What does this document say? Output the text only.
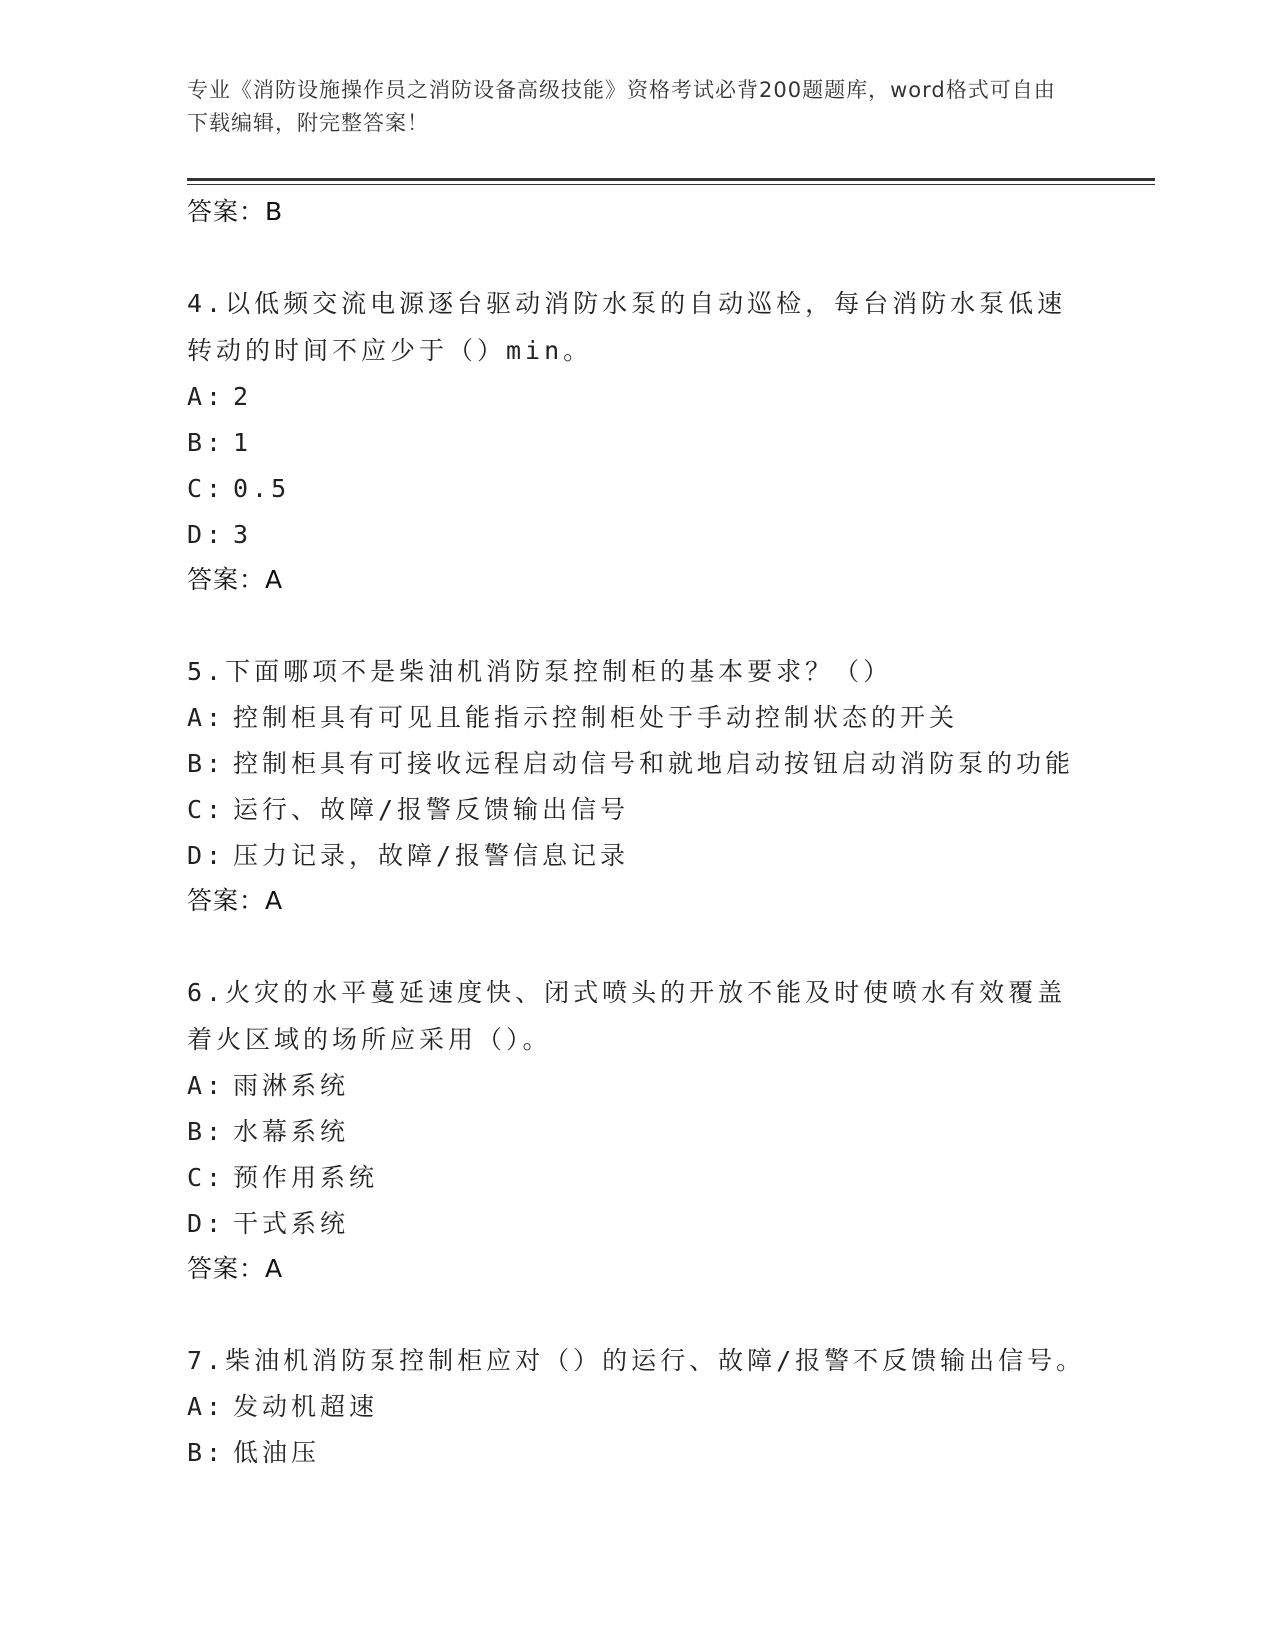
专业《消防设施操作员之消防设备高级技能》资格考试必背200题题库，word格式可自由下载编辑，附完整答案！
答案：B

4.以低频交流电源逐台驱动消防水泵的自动巡检，每台消防水泵低速转动的时间不应少于（）min。

A: 2
B: 1
C: 0.5
D: 3
答案：A

5.下面哪项不是柴油机消防泵控制柜的基本要求？（）

A: 控制柜具有可见且能指示控制柜处于手动控制状态的开关
B: 控制柜具有可接收远程启动信号和就地启动按钮启动消防泵的功能
C: 运行、故障/报警反馈输出信号
D: 压力记录，故障/报警信息记录
答案：A

6.火灾的水平蔓延速度快、闭式喷头的开放不能及时使喷水有效覆盖着火区域的场所应采用（）。

A: 雨淋系统
B: 水幕系统
C: 预作用系统
D: 干式系统
答案：A

7.柴油机消防泵控制柜应对（）的运行、故障/报警不反馈输出信号。

A: 发动机超速
B: 低油压
